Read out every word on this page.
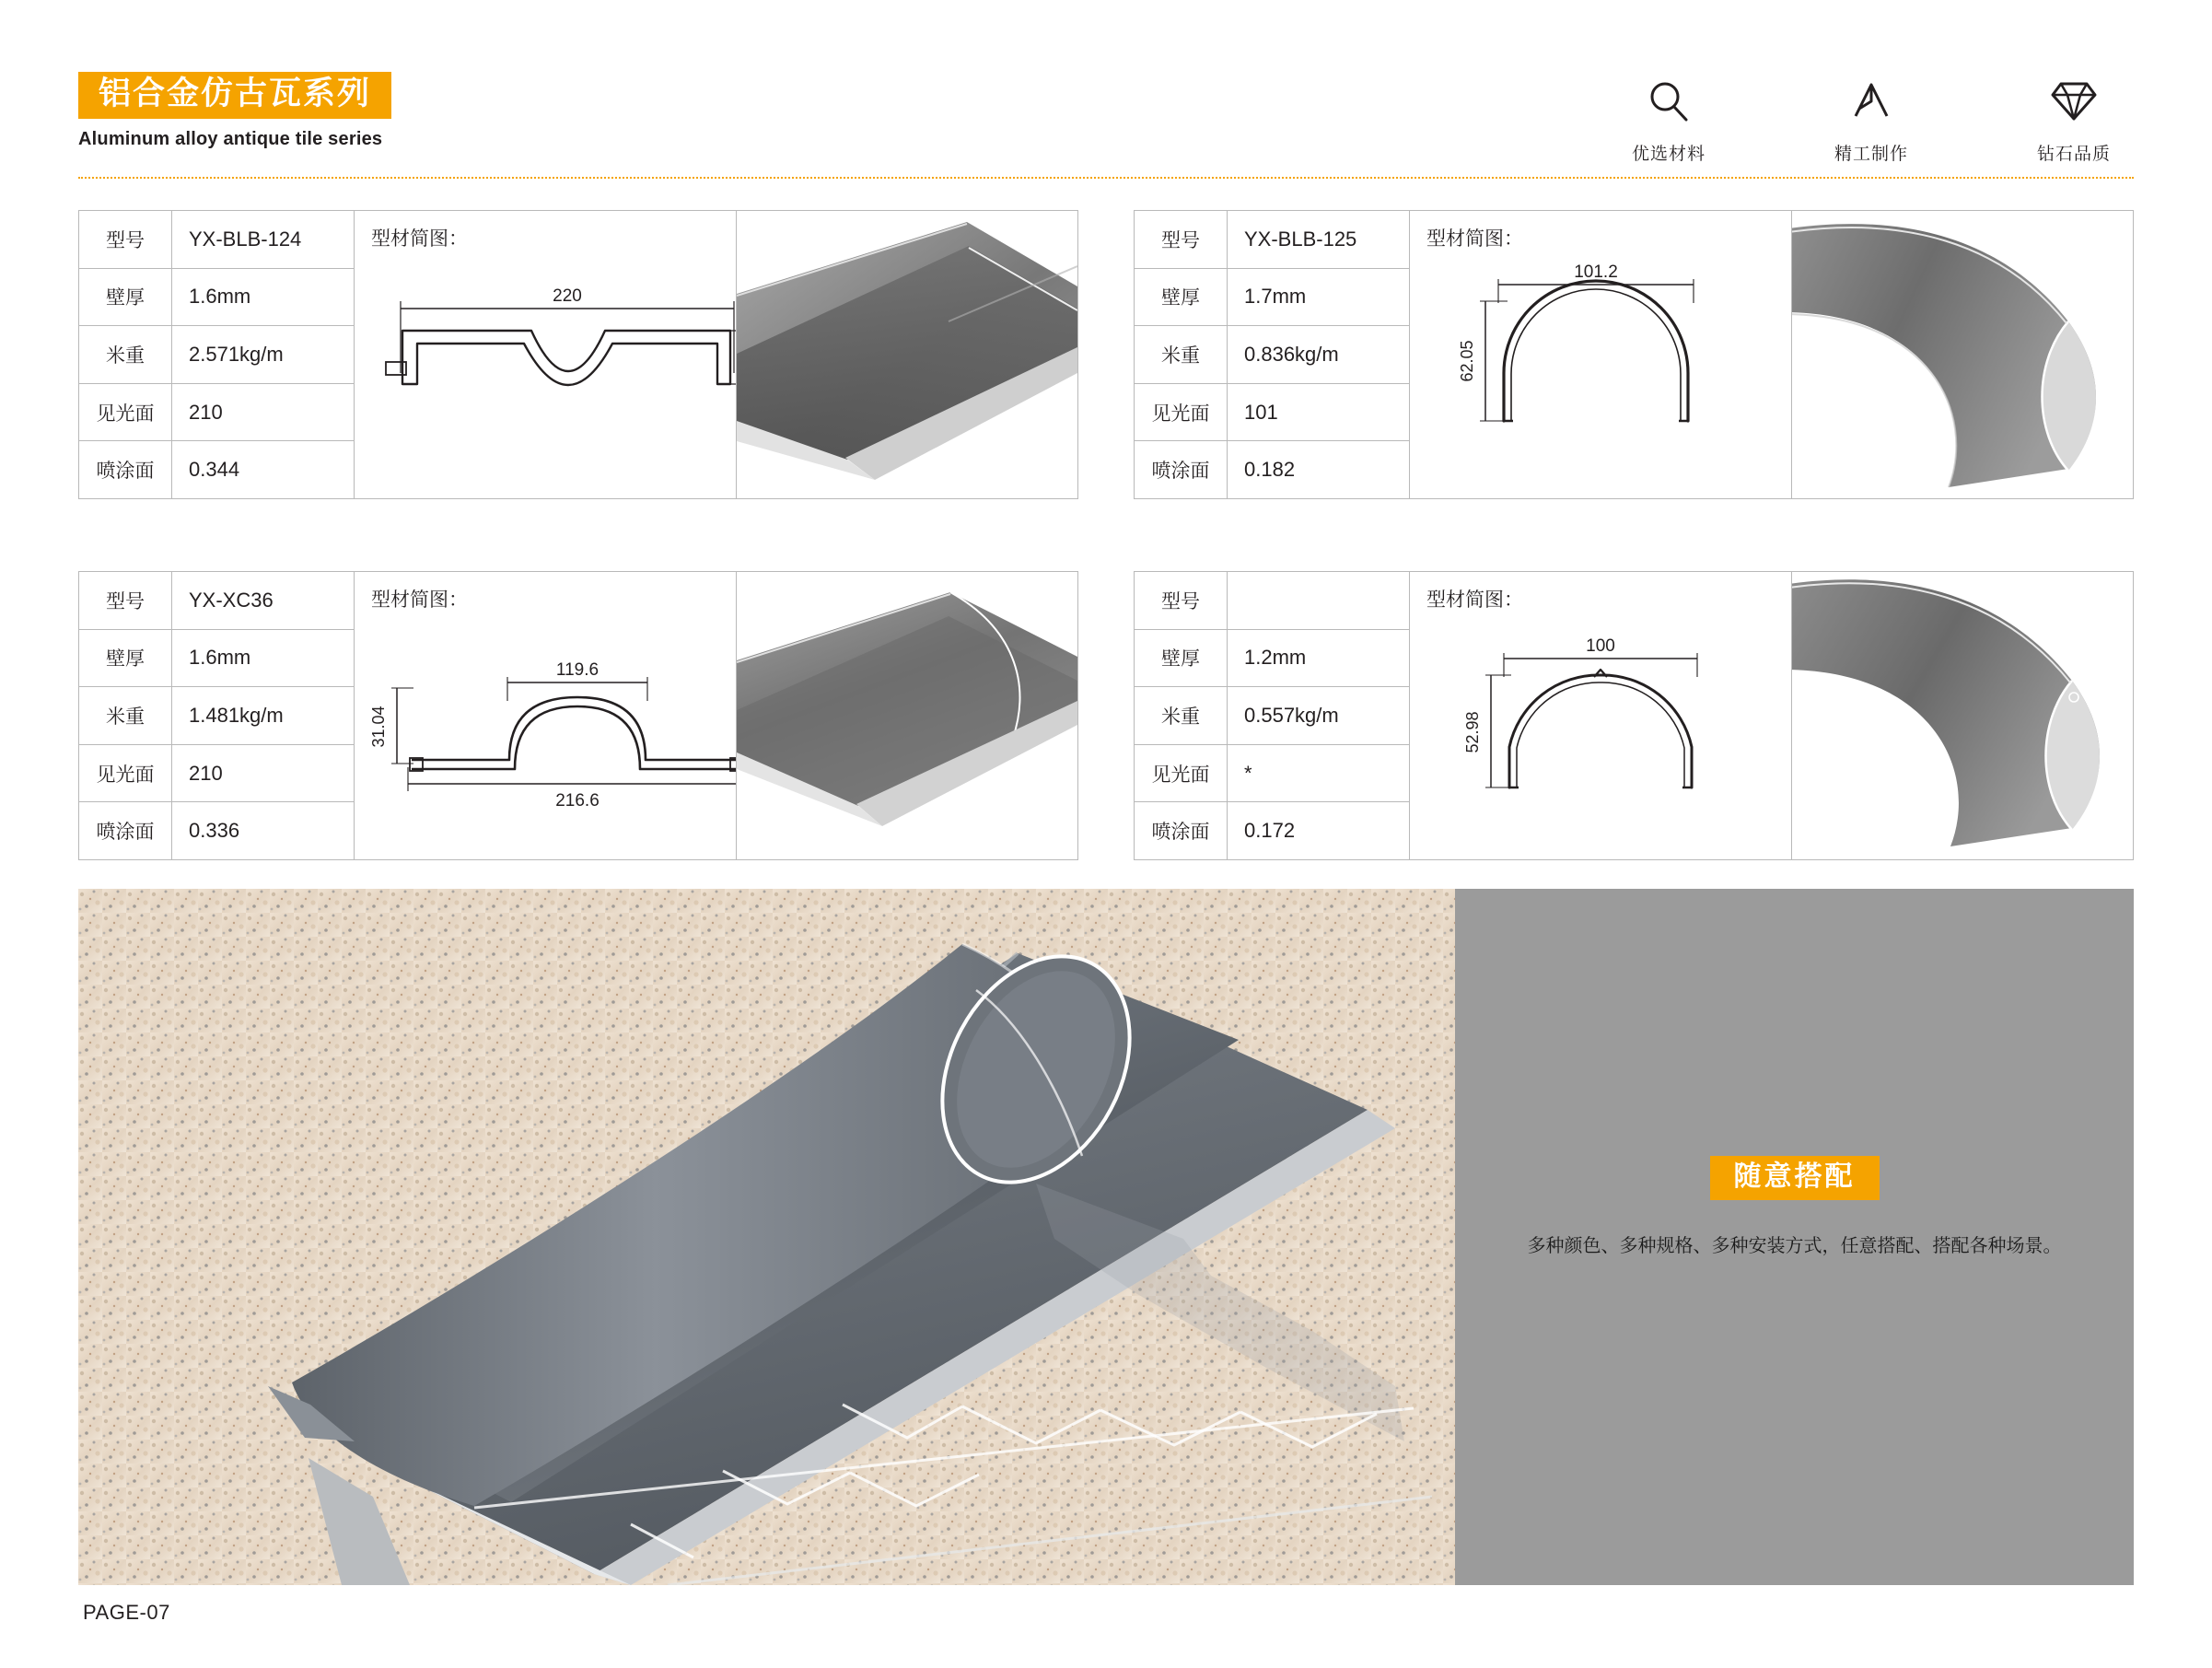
铝合金仿古瓦系列
Aluminum alloy antique tile series
优选材料	精工制作	钻石品质
型号	YX-BLB-124
壁厚	1.6mm
米重	2.571kg/m
见光面	210
喷涂面	0.344
型材简图：
220
型号	YX-BLB-125
壁厚	1.7mm
米重	0.836kg/m
见光面	101
喷涂面	0.182
型材简图：
101.2
62.05
型号	YX-XC36
壁厚	1.6mm
米重	1.481kg/m
见光面	210
喷涂面	0.336
型材简图：
119.6
216.6
31.04
型号
壁厚	1.2mm
米重	0.557kg/m
见光面	*
喷涂面	0.172
型材简图：
100
52.98
随意搭配
多种颜色、多种规格、多种安装方式，任意搭配、搭配各种场景。
PAGE-07
